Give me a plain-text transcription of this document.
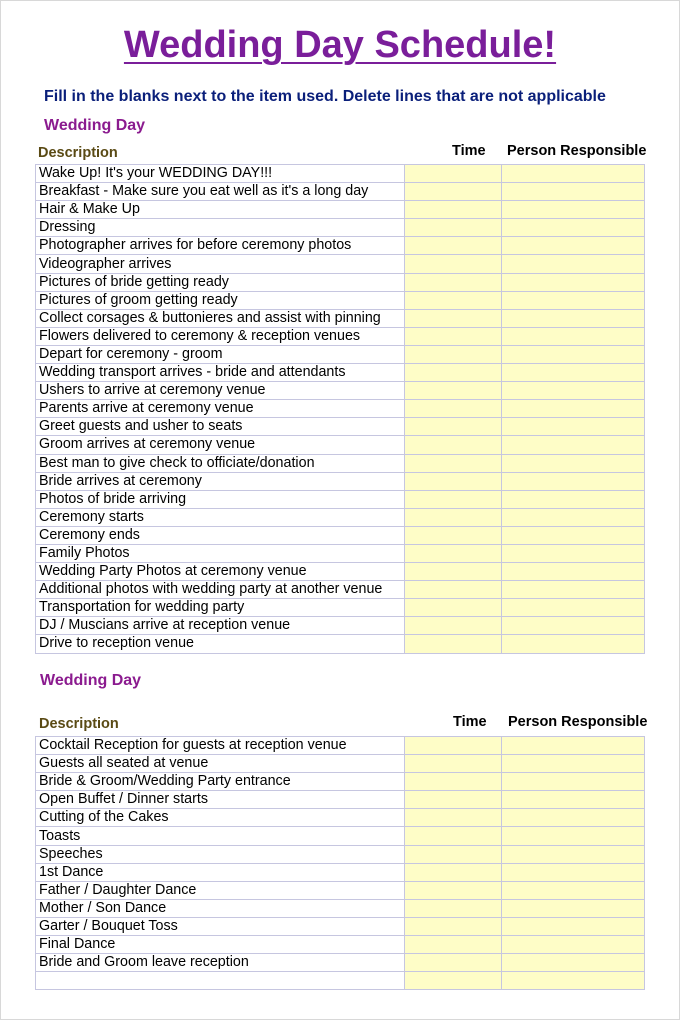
Wedding Day Schedule!
Fill in the blanks next to the item used. Delete lines that are not applicable
Wedding Day
Description	Time Person Responsible
Wake Up! It's your WEDDING DAY!!!		
Breakfast - Make sure you eat well as it's a long day		
Hair & Make Up		
Dressing		
Photographer arrives for before ceremony photos		
Videographer arrives		
Pictures of bride getting ready		
Pictures of groom getting ready		
Collect corsages & buttonieres and assist with pinning		
Flowers delivered to ceremony & reception venues		
Depart for ceremony - groom		
Wedding transport arrives - bride and attendants		
Ushers to arrive at ceremony venue		
Parents arrive at ceremony venue		
Greet guests and usher to seats		
Groom arrives at ceremony venue		
Best man to give check to officiate/donation		
Bride arrives at ceremony		
Photos of bride arriving		
Ceremony starts		
Ceremony ends		
Family Photos		
Wedding Party Photos at ceremony venue		
Additional photos with wedding party at another venue		
Transportation for wedding party		
DJ / Muscians arrive at reception venue		
Drive to reception venue		
Wedding Day
Description	Time Person Responsible
Cocktail Reception for guests at reception venue		
Guests all seated at venue		
Bride & Groom/Wedding Party entrance		
Open Buffet / Dinner starts		
Cutting of the Cakes		
Toasts		
Speeches		
1st Dance		
Father / Daughter Dance		
Mother / Son Dance		
Garter / Bouquet Toss		
Final Dance		
Bride and Groom leave reception		
